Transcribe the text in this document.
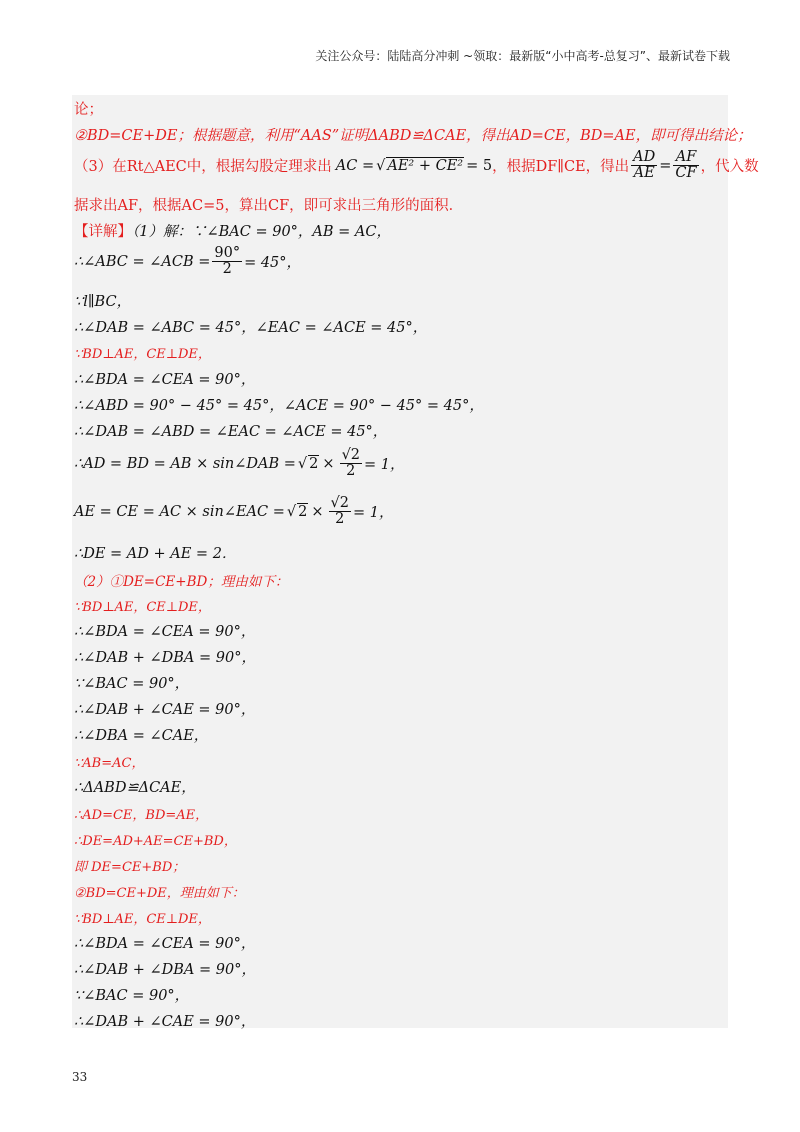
关注公众号：陆陆高分冲刺 ~领取：最新版“小中高考-总复习”、最新试卷下载
论；
②BD=CE+DE；根据题意，利用“AAS”证明ΔABD≌ΔCAE，得出AD=CE，BD=AE，即可得出结论；
（3）在Rt△AEC中，根据勾股定理求出 AC = √ AE² + CE² = 5 ，根据DF∥CE，得出 $\frac{AD}{AE} = \frac{AF}{CF}$ ，代入数
据求出AF，根据AC=5，算出CF，即可求出三角形的面积．
【详解】（1）解：∵∠BAC = 90°，AB = AC，
∴∠ABC = ∠ACB = $\frac{90^\circ}{2} = 45^\circ$，
∵l∥BC，
∴∠DAB = ∠ABC = 45°，∠EAC = ∠ACE = 45°，
∵BD⊥AE，CE⊥DE，
∴∠BDA = ∠CEA = 90°，
∴∠ABD = 90° − 45° = 45°，∠ACE = 90° − 45° = 45°，
∴∠DAB = ∠ABD = ∠EAC = ∠ACE = 45°，
∴AD = BD = AB × sin∠DAB = √ $2 \times \frac{√2}{2} = 1$，
AE = CE = AC × sin∠EAC = √ $2 \times \frac{√2}{2} = 1$，
∴DE = AD + AE = 2．
（2）①DE=CE+BD；理由如下：
∵BD⊥AE，CE⊥DE，
∴∠BDA = ∠CEA = 90°，
∴∠DAB + ∠DBA = 90°，
∵∠BAC = 90°，
∴∠DAB + ∠CAE = 90°，
∴∠DBA = ∠CAE，
∵AB=AC，
∴ΔABD≌ΔCAE，
∴AD=CE，BD=AE，
∴DE=AD+AE=CE+BD，
即 DE=CE+BD；
②BD=CE+DE，理由如下：
∵BD⊥AE，CE⊥DE，
∴∠BDA = ∠CEA = 90°，
∴∠DAB + ∠DBA = 90°，
∵∠BAC = 90°，
∴∠DAB + ∠CAE = 90°，
33
